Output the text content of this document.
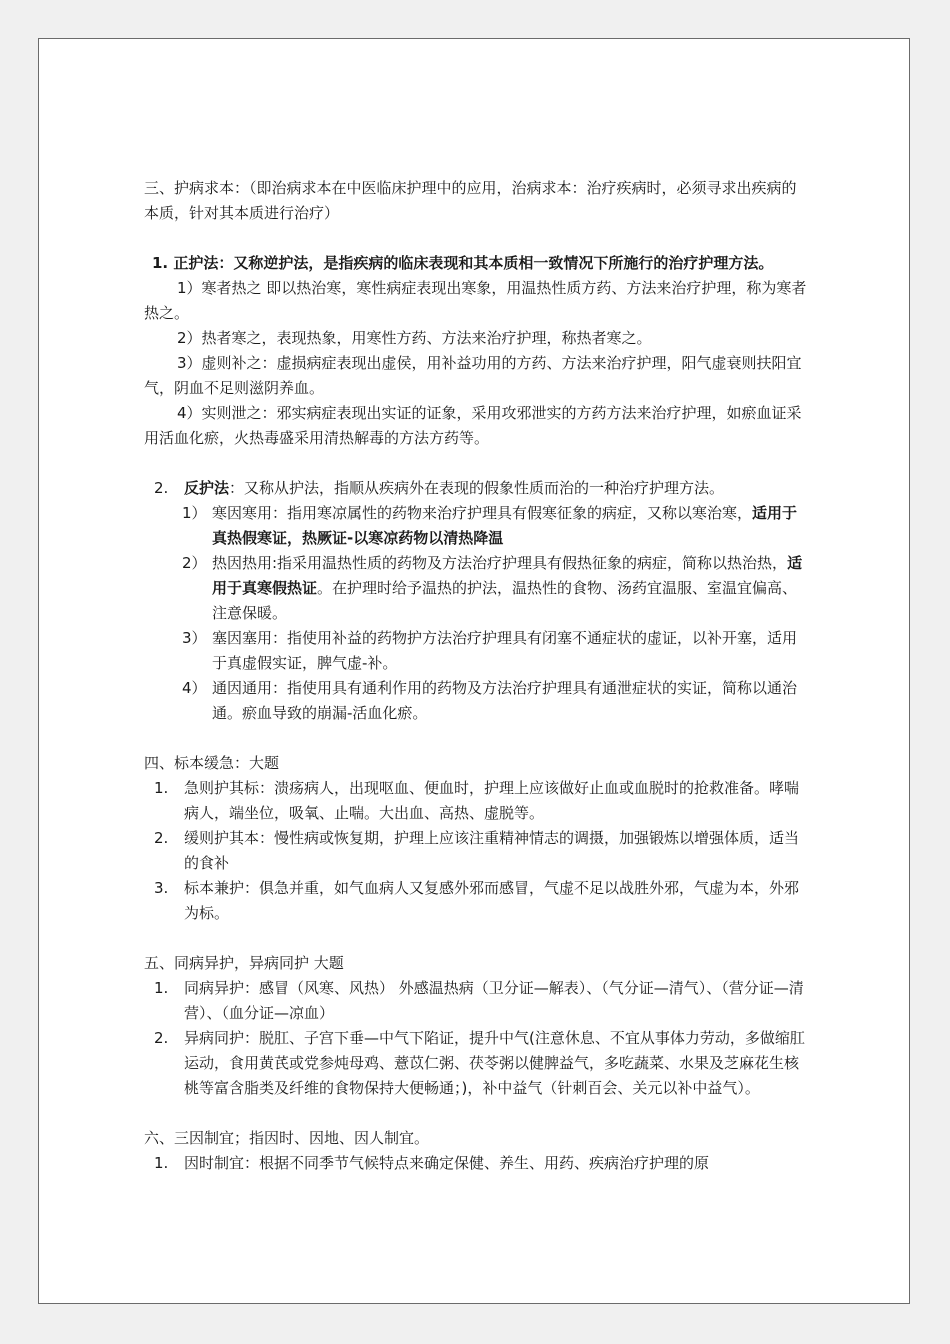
三、护病求本：（即治病求本在中医临床护理中的应用，治病求本：治疗疾病时，必须寻求出疾病的本质，针对其本质进行治疗）

1. 正护法：又称逆护法，是指疾病的临床表现和其本质相一致情况下所施行的治疗护理方法。

1）寒者热之 即以热治寒，寒性病症表现出寒象，用温热性质方药、方法来治疗护理，称为寒者热之。

2）热者寒之，表现热象，用寒性方药、方法来治疗护理，称热者寒之。

3）虚则补之：虚损病症表现出虚侯，用补益功用的方药、方法来治疗护理，阳气虚衰则扶阳宜气，阴血不足则滋阴养血。

4）实则泄之：邪实病症表现出实证的证象，采用攻邪泄实的方药方法来治疗护理，如瘀血证采用活血化瘀，火热毒盛采用清热解毒的方法方药等。

2. 反护法：又称从护法，指顺从疾病外在表现的假象性质而治的一种治疗护理方法。

1） 寒因寒用：指用寒凉属性的药物来治疗护理具有假寒征象的病症，又称以寒治寒，适用于真热假寒证，热厥证-以寒凉药物以清热降温

2） 热因热用:指采用温热性质的药物及方法治疗护理具有假热征象的病症，简称以热治热，适用于真寒假热证。在护理时给予温热的护法，温热性的食物、汤药宜温服、室温宜偏高、注意保暖。

3） 塞因塞用：指使用补益的药物护方法治疗护理具有闭塞不通症状的虚证，以补开塞，适用于真虚假实证，脾气虚-补。

4） 通因通用：指使用具有通利作用的药物及方法治疗护理具有通泄症状的实证，简称以通治通。瘀血导致的崩漏-活血化瘀。

四、标本缓急：大题

1. 急则护其标：溃疡病人，出现呕血、便血时，护理上应该做好止血或血脱时的抢救准备。哮喘病人，端坐位，吸氧、止喘。大出血、高热、虚脱等。

2. 缓则护其本：慢性病或恢复期，护理上应该注重精神情志的调摄，加强锻炼以增强体质，适当的食补

3. 标本兼护：俱急并重，如气血病人又复感外邪而感冒，气虚不足以战胜外邪，气虚为本，外邪为标。

五、同病异护，异病同护 大题

1. 同病异护：感冒（风寒、风热） 外感温热病（卫分证—解表）、（气分证—清气）、（营分证—清营）、（血分证—凉血）

2. 异病同护：脱肛、子宫下垂—中气下陷证，提升中气(注意休息、不宜从事体力劳动，多做缩肛运动，食用黄芪或党参炖母鸡、薏苡仁粥、茯苓粥以健脾益气，多吃蔬菜、水果及芝麻花生核桃等富含脂类及纤维的食物保持大便畅通；)，补中益气（针刺百会、关元以补中益气）。

六、三因制宜；指因时、因地、因人制宜。

1. 因时制宜：根据不同季节气候特点来确定保健、养生、用药、疾病治疗护理的原
